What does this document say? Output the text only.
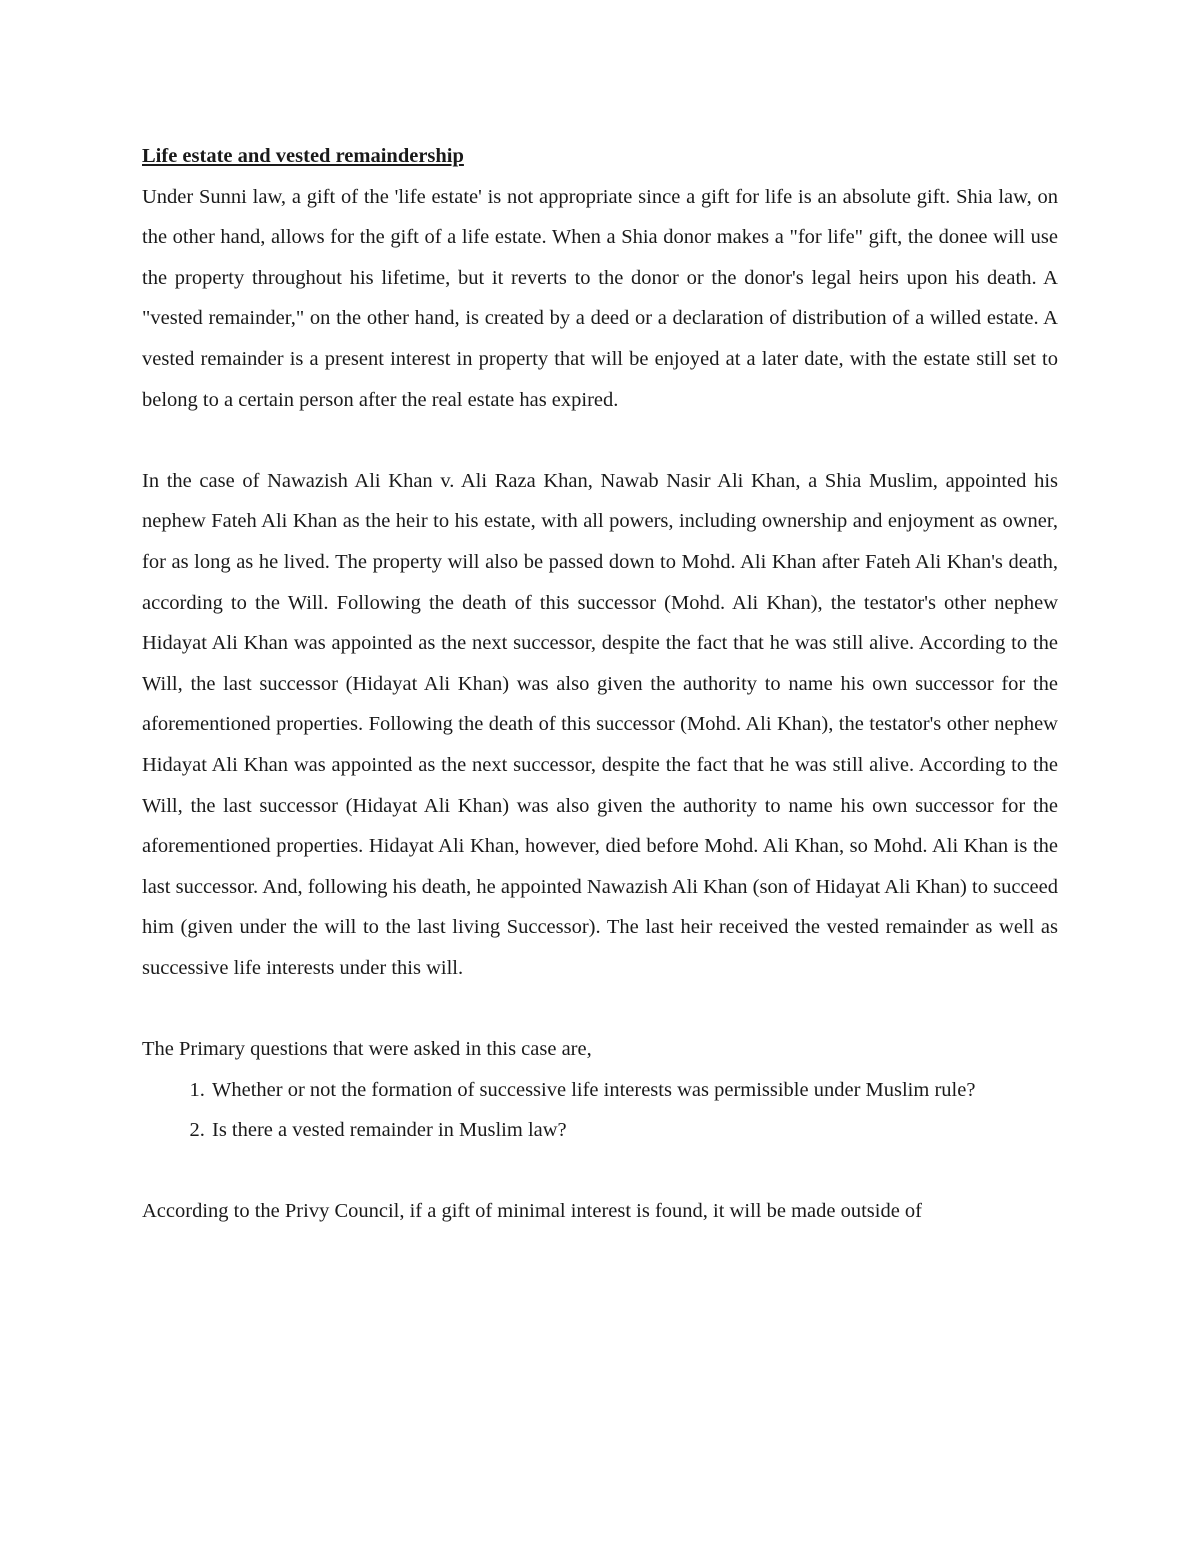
Life estate and vested remaindership

Under Sunni law, a gift of the 'life estate' is not appropriate since a gift for life is an absolute gift. Shia law, on the other hand, allows for the gift of a life estate. When a Shia donor makes a "for life" gift, the donee will use the property throughout his lifetime, but it reverts to the donor or the donor's legal heirs upon his death. A "vested remainder," on the other hand, is created by a deed or a declaration of distribution of a willed estate. A vested remainder is a present interest in property that will be enjoyed at a later date, with the estate still set to belong to a certain person after the real estate has expired.

In the case of Nawazish Ali Khan v. Ali Raza Khan, Nawab Nasir Ali Khan, a Shia Muslim, appointed his nephew Fateh Ali Khan as the heir to his estate, with all powers, including ownership and enjoyment as owner, for as long as he lived. The property will also be passed down to Mohd. Ali Khan after Fateh Ali Khan's death, according to the Will. Following the death of this successor (Mohd. Ali Khan), the testator's other nephew Hidayat Ali Khan was appointed as the next successor, despite the fact that he was still alive. According to the Will, the last successor (Hidayat Ali Khan) was also given the authority to name his own successor for the aforementioned properties. Following the death of this successor (Mohd. Ali Khan), the testator's other nephew Hidayat Ali Khan was appointed as the next successor, despite the fact that he was still alive. According to the Will, the last successor (Hidayat Ali Khan) was also given the authority to name his own successor for the aforementioned properties. Hidayat Ali Khan, however, died before Mohd. Ali Khan, so Mohd. Ali Khan is the last successor. And, following his death, he appointed Nawazish Ali Khan (son of Hidayat Ali Khan) to succeed him (given under the will to the last living Successor). The last heir received the vested remainder as well as successive life interests under this will.

The Primary questions that were asked in this case are,

1. Whether or not the formation of successive life interests was permissible under Muslim rule?
2. Is there a vested remainder in Muslim law?

According to the Privy Council, if a gift of minimal interest is found, it will be made outside of
